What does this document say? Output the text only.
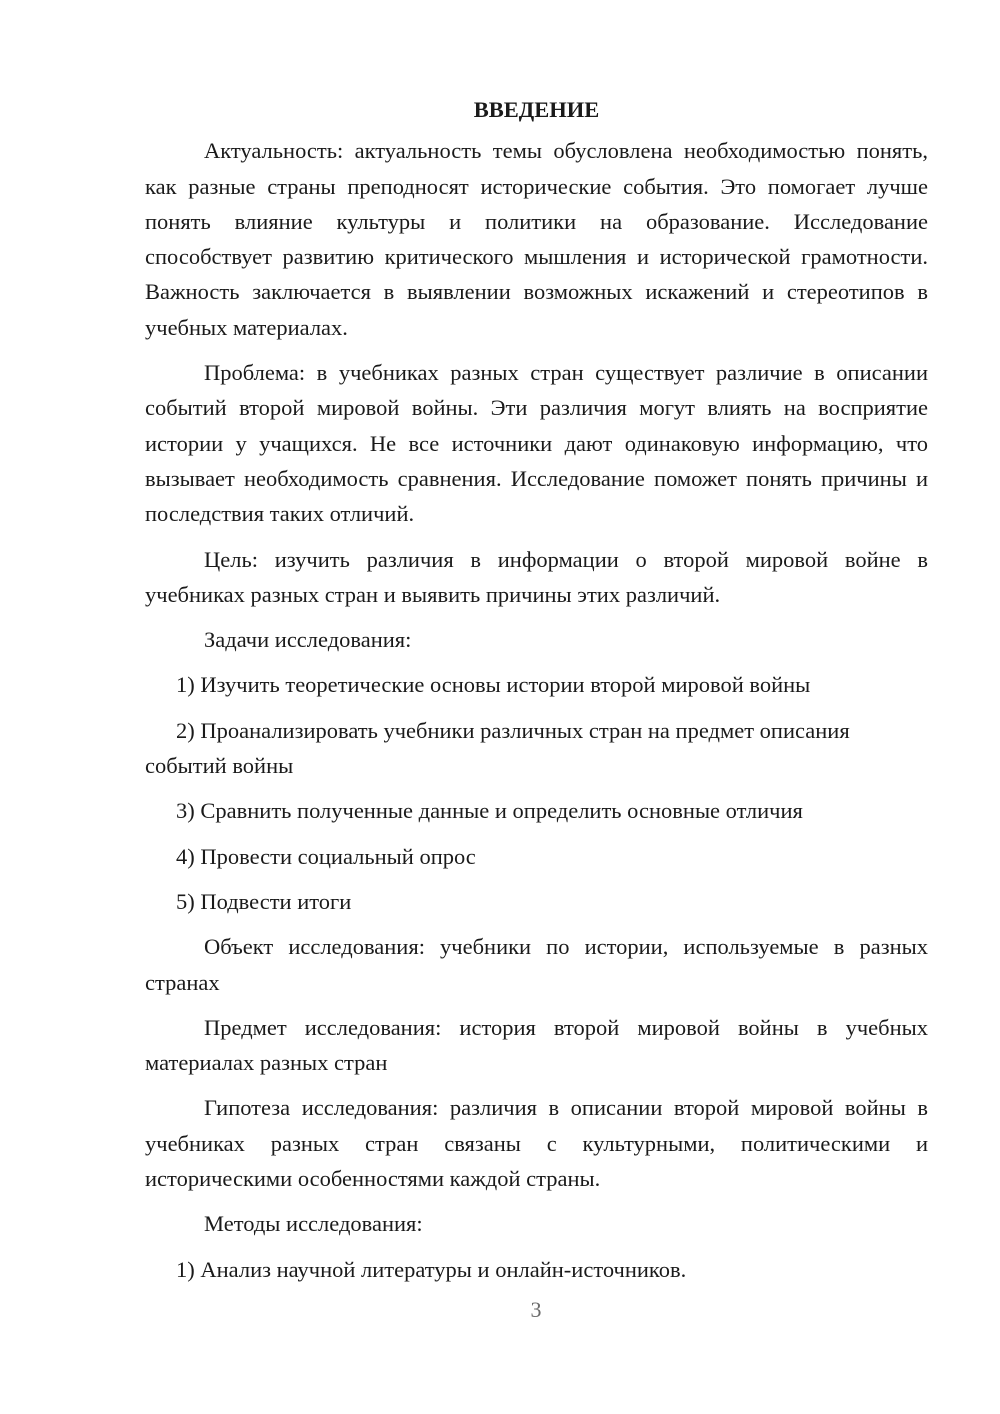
ВВЕДЕНИЕ

Актуальность: актуальность темы обусловлена необходимостью понять, как разные страны преподносят исторические события. Это помогает лучше понять влияние культуры и политики на образование. Исследование способствует развитию критического мышления и исторической грамотности. Важность заключается в выявлении возможных искажений и стереотипов в учебных материалах.

Проблема: в учебниках разных стран существует различие в описании событий второй мировой войны. Эти различия могут влиять на восприятие истории у учащихся. Не все источники дают одинаковую информацию, что вызывает необходимость сравнения. Исследование поможет понять причины и последствия таких отличий.

Цель: изучить различия в информации о второй мировой войне в учебниках разных стран и выявить причины этих различий.

Задачи исследования:

1) Изучить теоретические основы истории второй мировой войны

2) Проанализировать учебники различных стран на предмет описания событий войны

3) Сравнить полученные данные и определить основные отличия

4) Провести социальный опрос

5) Подвести итоги

Объект исследования: учебники по истории, используемые в разных странах

Предмет исследования: история второй мировой войны в учебных материалах разных стран

Гипотеза исследования: различия в описании второй мировой войны в учебниках разных стран связаны с культурными, политическими и историческими особенностями каждой страны.

Методы исследования:

1) Анализ научной литературы и онлайн-источников.

3
